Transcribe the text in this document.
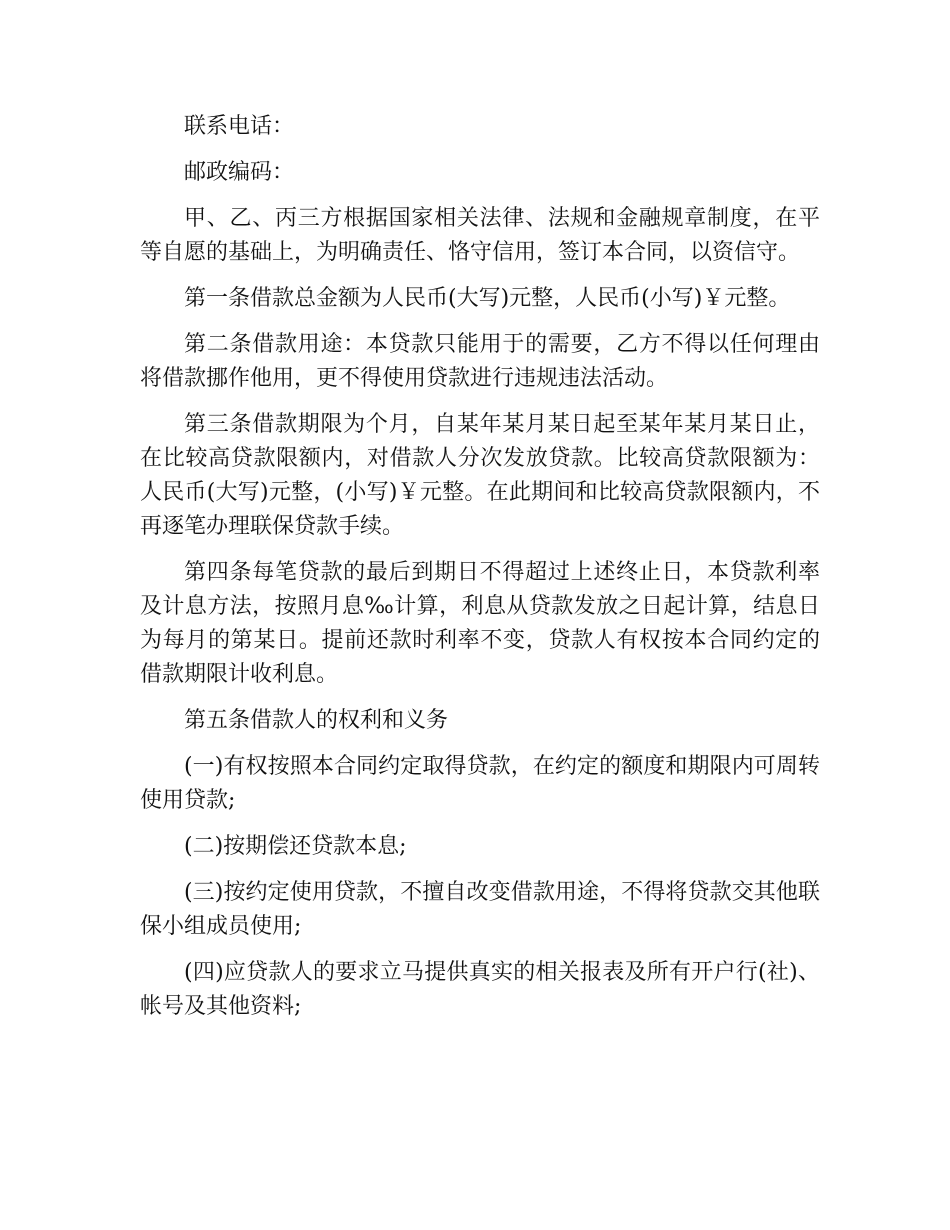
联系电话：

邮政编码：

甲、乙、丙三方根据国家相关法律、法规和金融规章制度，在平等自愿的基础上，为明确责任、恪守信用，签订本合同，以资信守。

第一条借款总金额为人民币(大写)元整，人民币(小写)￥元整。

第二条借款用途：本贷款只能用于的需要，乙方不得以任何理由将借款挪作他用，更不得使用贷款进行违规违法活动。

第三条借款期限为个月，自某年某月某日起至某年某月某日止，在比较高贷款限额内，对借款人分次发放贷款。比较高贷款限额为：人民币(大写)元整，(小写)￥元整。在此期间和比较高贷款限额内，不再逐笔办理联保贷款手续。

第四条每笔贷款的最后到期日不得超过上述终止日，本贷款利率及计息方法，按照月息‰计算，利息从贷款发放之日起计算，结息日为每月的第某日。提前还款时利率不变，贷款人有权按本合同约定的借款期限计收利息。

第五条借款人的权利和义务

(一)有权按照本合同约定取得贷款，在约定的额度和期限内可周转使用贷款;

(二)按期偿还贷款本息;

(三)按约定使用贷款，不擅自改变借款用途，不得将贷款交其他联保小组成员使用;

(四)应贷款人的要求立马提供真实的相关报表及所有开户行(社)、帐号及其他资料;
